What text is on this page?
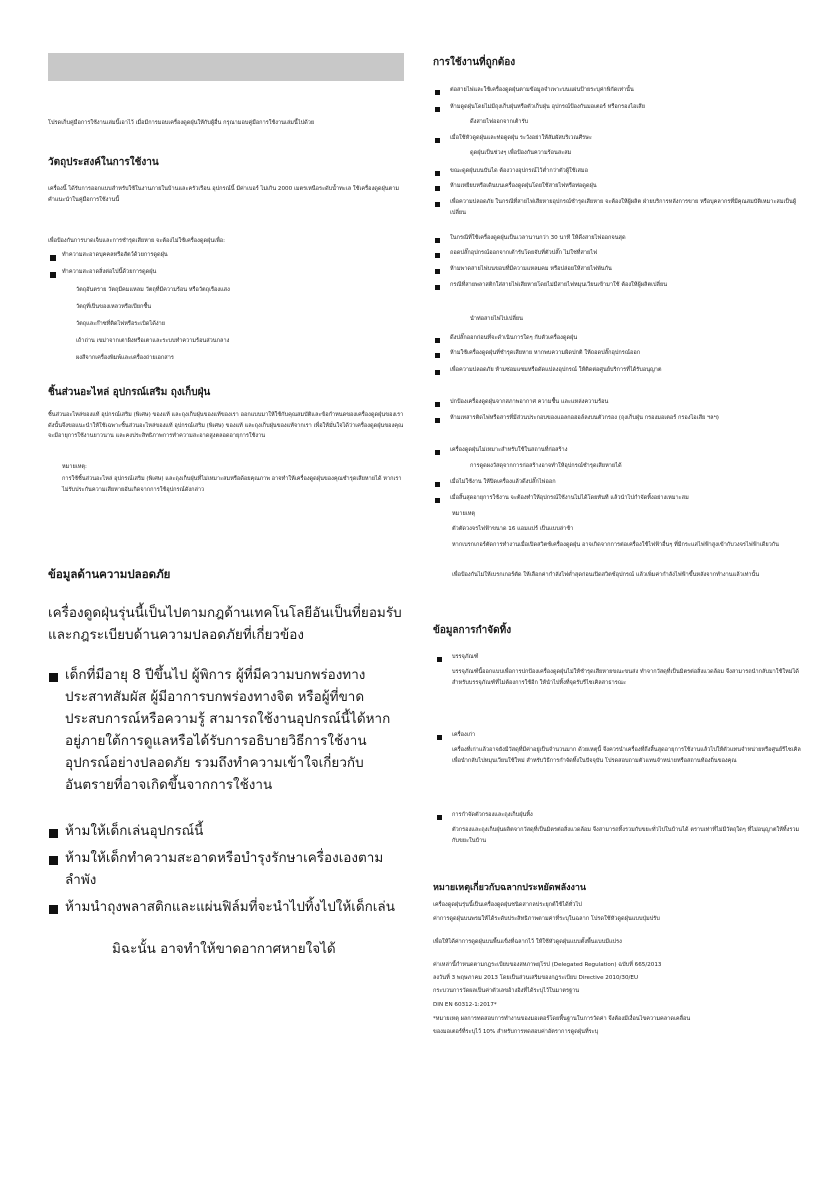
โปรดเก็บคู่มือการใช้งานเล่มนี้เอาไว้ เมื่อมีการมอบเครื่องดูดฝุ่นให้กับผู้อื่น กรุณามอบคู่มือการใช้งานเล่มนี้ไปด้วย

วัตถุประสงค์ในการใช้งาน

เครื่องนี้ ได้รับการออกแบบสำหรับใช้ในงานภายในบ้านและครัวเรือน อุปกรณ์นี้ มีค่าเบอร์ ไม่เกิน 2000 เมตรเหนือระดับน้ำทะเล ใช้เครื่องดูดฝุ่นตามคำแนะนำในคู่มือการใช้งานนี้

เพื่อป้องกันการบาดเจ็บและการชำรุดเสียหาย จะต้องไม่ใช้เครื่องดูดฝุ่นเพื่อ:

ทำความสะอาดบุคคลหรือสัตว์ด้วยการดูดฝุ่น

ทำความสะอาดสิ่งต่อไปนี้ด้วยการดูดฝุ่น

วัตถุอันตราย วัตถุมีคมแหลม วัตถุที่มีความร้อน หรือวัตถุเรืองแสง

วัตถุที่เป็นของเหลวหรือเปียกชื้น

วัตถุและก๊าซที่ติดไฟหรือระเบิดได้ง่าย

เถ้าถ่าน เขม่าจากเตาผิงหรือเตาและระบบทำความร้อนส่วนกลาง

ผงสีจากเครื่องพิมพ์และเครื่องถ่ายเอกสาร

ชิ้นส่วนอะไหล่ อุปกรณ์เสริม ถุงเก็บฝุ่น

ชิ้นส่วนอะไหล่ของแท้ อุปกรณ์เสริม (พิเศษ) ของแท้ และถุงเก็บฝุ่นของแท้ของเรา ออกแบบมาให้ใช้กับคุณสมบัติและข้อกำหนดของเครื่องดูดฝุ่นของเรา ดังนั้นจึงขอแนะนำให้ใช้เฉพาะชิ้นส่วนอะไหล่ของแท้ อุปกรณ์เสริม (พิเศษ) ของแท้ และถุงเก็บฝุ่นของแท้จากเรา เพื่อให้มั่นใจได้ว่าเครื่องดูดฝุ่นของคุณจะมีอายุการใช้งานยาวนาน และคงประสิทธิภาพการทำความสะอาดสูงตลอดอายุการใช้งาน

หมายเหตุ:

การใช้ชิ้นส่วนอะไหล่ อุปกรณ์เสริม (พิเศษ) และถุงเก็บฝุ่นที่ไม่เหมาะสมหรือด้อยคุณภาพ อาจทำให้เครื่องดูดฝุ่นของคุณชำรุดเสียหายได้ หากเราไม่รับประกันความเสียหายอันเกิดจากการใช้อุปกรณ์ดังกล่าว

ข้อมูลด้านความปลอดภัย

เครื่องดูดฝุ่นรุ่นนี้เป็นไปตามกฎด้านเทคโนโลยีอันเป็นที่ยอมรับและกฎระเบียบด้านความปลอดภัยที่เกี่ยวข้อง

เด็กที่มีอายุ 8 ปีขึ้นไป ผู้พิการ ผู้ที่มีความบกพร่องทางประสาทสัมผัส ผู้มีอาการบกพร่องทางจิต หรือผู้ที่ขาดประสบการณ์หรือความรู้ สามารถใช้งานอุปกรณ์นี้ได้หากอยู่ภายใต้การดูแลหรือได้รับการอธิบายวิธีการใช้งานอุปกรณ์อย่างปลอดภัย รวมถึงทำความเข้าใจเกี่ยวกับอันตรายที่อาจเกิดขึ้นจากการใช้งาน

ห้ามให้เด็กเล่นอุปกรณ์นี้

ห้ามให้เด็กทำความสะอาดหรือบำรุงรักษาเครื่องเองตามลำพัง

ห้ามนำถุงพลาสติกและแผ่นฟิล์มที่จะนำไปทิ้งไปให้เด็กเล่น

มิฉะนั้น อาจทำให้ขาดอากาศหายใจได้

การใช้งานที่ถูกต้อง

ต่อสายไฟและใช้เครื่องดูดฝุ่นตามข้อมูลจำเพาะบนแผ่นป้ายระบุค่าพิกัดเท่านั้น

ห้ามดูดฝุ่นโดยไม่มีถุงเก็บฝุ่นหรือตัวเก็บฝุ่น อุปกรณ์ป้องกันมอเตอร์ หรือกรองไอเสีย

ดึงสายไฟออกจากเต้ารับ

เมื่อใช้หัวดูดฝุ่นและท่อดูดฝุ่น ระวังอย่าให้สัมผัสบริเวณศีรษะ

ดูดฝุ่นเป็นช่วงๆ เพื่อป้องกันความร้อนสะสม

ขณะดูดฝุ่นบนบันได ต้องวางอุปกรณ์ไว้ต่ำกว่าตัวผู้ใช้เสมอ

ห้ามเหยียบหรือเดินบนเครื่องดูดฝุ่นโดยใช้สายไฟหรือท่อดูดฝุ่น

เพื่อความปลอดภัย ในกรณีที่สายไฟเสียหายอุปกรณ์ชำรุดเสียหาย จะต้องให้ผู้ผลิต ฝ่ายบริการหลังการขาย หรือบุคลากรที่มีคุณสมบัติเหมาะสมเป็นผู้เปลี่ยน

ในกรณีที่ใช้เครื่องดูดฝุ่นเป็นเวลานานกว่า 30 นาที ให้ดึงสายไฟออกจนสุด

ถอดปลั๊กอุปกรณ์ออกจากเต้ารับโดยจับที่ตัวปลั๊ก ไม่ใช่ที่สายไฟ

ห้ามพาดสายไฟบนขอบที่มีความแหลมคม หรือปล่อยให้สายไฟพันกัน

กรณีที่สายพลาสติกใส่สายไฟเสียหายโดยไม่มีสายไฟหมุนเวียนเข้ามาใช้ ต้องให้ผู้ผลิตเปลี่ยน

นำท่อสายไฟไปเปลี่ยน

ดึงปลั๊กออกก่อนที่จะดำเนินการใดๆ กับตัวเครื่องดูดฝุ่น

ห้ามใช้เครื่องดูดฝุ่นที่ชำรุดเสียหาย หากพบความผิดปกติ ให้ถอดปลั๊กอุปกรณ์ออก

เพื่อความปลอดภัย ห้ามซ่อมแซมหรือดัดแปลงอุปกรณ์ ให้ติดต่อศูนย์บริการที่ได้รับอนุญาต

ปกป้องเครื่องดูดฝุ่นจากสภาพอากาศ ความชื้น และแหล่งความร้อน

ห้ามเทสารติดไฟหรือสารที่มีส่วนประกอบของแอลกอฮอล์ลงบนตัวกรอง (ถุงเก็บฝุ่น กรองมอเตอร์ กรองไอเสีย ฯลฯ)

เครื่องดูดฝุ่นไม่เหมาะสำหรับใช้ในสถานที่ก่อสร้าง

การดูดผงวัสดุจากการก่อสร้างอาจทำให้อุปกรณ์ชำรุดเสียหายได้

เมื่อไม่ใช้งาน ให้ปิดเครื่องแล้วดึงปลั๊กไฟออก

เมื่อสิ้นสุดอายุการใช้งาน จะต้องทำให้อุปกรณ์ใช้งานไม่ได้โดยทันที แล้วนำไปกำจัดทิ้งอย่างเหมาะสม

หมายเหตุ

ตัวตัดวงจรไฟฟ้าขนาด 16 แอมแปร์ เป็นแบบล่าช้า

หากเบรกเกอร์ตัดการทำงานเมื่อเปิดสวิตช์เครื่องดูดฝุ่น อาจเกิดจากการต่อเครื่องใช้ไฟฟ้าอื่นๆ ที่มีกระแสไฟฟ้าสูงเข้ากับวงจรไฟฟ้าเดียวกัน

เพื่อป้องกันไม่ให้เบรกเกอร์ตัด ให้เลือกค่ากำลังไฟต่ำสุดก่อนเปิดสวิตช์อุปกรณ์ แล้วเพิ่มค่ากำลังไฟฟ้าขึ้นหลังจากทำงานแล้วเท่านั้น

ข้อมูลการกำจัดทิ้ง

บรรจุภัณฑ์

บรรจุภัณฑ์นี้ออกแบบเพื่อการปกป้องเครื่องดูดฝุ่นไม่ให้ชำรุดเสียหายขณะขนส่ง ทำจากวัสดุที่เป็นมิตรต่อสิ่งแวดล้อม จึงสามารถนำกลับมาใช้ใหม่ได้ สำหรับบรรจุภัณฑ์ที่ไม่ต้องการใช้อีก ให้นำไปทิ้งที่จุดรับรีไซเคิลสาธารณะ

เครื่องเก่า

เครื่องที่เก่าแล้วอาจยังมีวัสดุที่มีค่าอยู่เป็นจำนวนมาก ด้วยเหตุนี้ จึงควรนำเครื่องที่ถึงสิ้นสุดอายุการใช้งานแล้วไปให้ตัวแทนจำหน่ายหรือศูนย์รีไซเคิล เพื่อนำกลับไปหมุนเวียนใช้ใหม่ สำหรับวิธีการกำจัดทิ้งในปัจจุบัน โปรดสอบถามตัวแทนจำหน่ายหรือสถานท้องถิ่นของคุณ

การกำจัดตัวกรองและถุงเก็บฝุ่นทิ้ง

ตัวกรองและถุงเก็บฝุ่นผลิตจากวัสดุที่เป็นมิตรต่อสิ่งแวดล้อม จึงสามารถทิ้งรวมกับขยะทั่วไปในบ้านได้ ตราบเท่าที่ไม่มีวัตถุใดๆ ที่ไม่อนุญาตให้ทิ้งรวมกับขยะในบ้าน

หมายเหตุเกี่ยวกับฉลากประหยัดพลังงาน

เครื่องดูดฝุ่นรุ่นนี้เป็นเครื่องดูดฝุ่นชนิดสากลประยุกต์ใช้ได้ทั่วไป

ค่าการดูดฝุ่นบนพรมให้ได้ระดับประสิทธิภาพตามค่าที่ระบุในฉลาก โปรดใช้หัวดูดฝุ่นแบบปุ่มปรับ

เพื่อให้ได้ค่าการดูดฝุ่นบนพื้นแข็งที่ฉลากไว้ ให้ใช้หัวดูดฝุ่นแบบตั้งพื้นแบบมีแปรง

ค่าเหล่านี้กำหนดตามกฎระเบียบของสหภาพยุโรป (Delegated Regulation) ฉบับที่ 665/2013

ลงวันที่ 3 พฤษภาคม 2013 โดยเป็นส่วนเสริมของกฎระเบียบ Directive 2010/30/EU

กระบวนการวัดผลเป็นค่าตัวเลขอ้างอิงที่ได้ระบุไว้ในมาตรฐาน

DIN EN 60312-1:2017*

*หมายเหตุ ผลการทดสอบการทำงานของมอเตอร์โดยพื้นฐานในการวัดค่า จึงต้องมีเงื่อนไขความคลาดเคลื่อน

ของมอเตอร์ที่ระบุไว้ 10% สำหรับการทดสอบค่าอัตราการดูดฝุ่นที่ระบุ
